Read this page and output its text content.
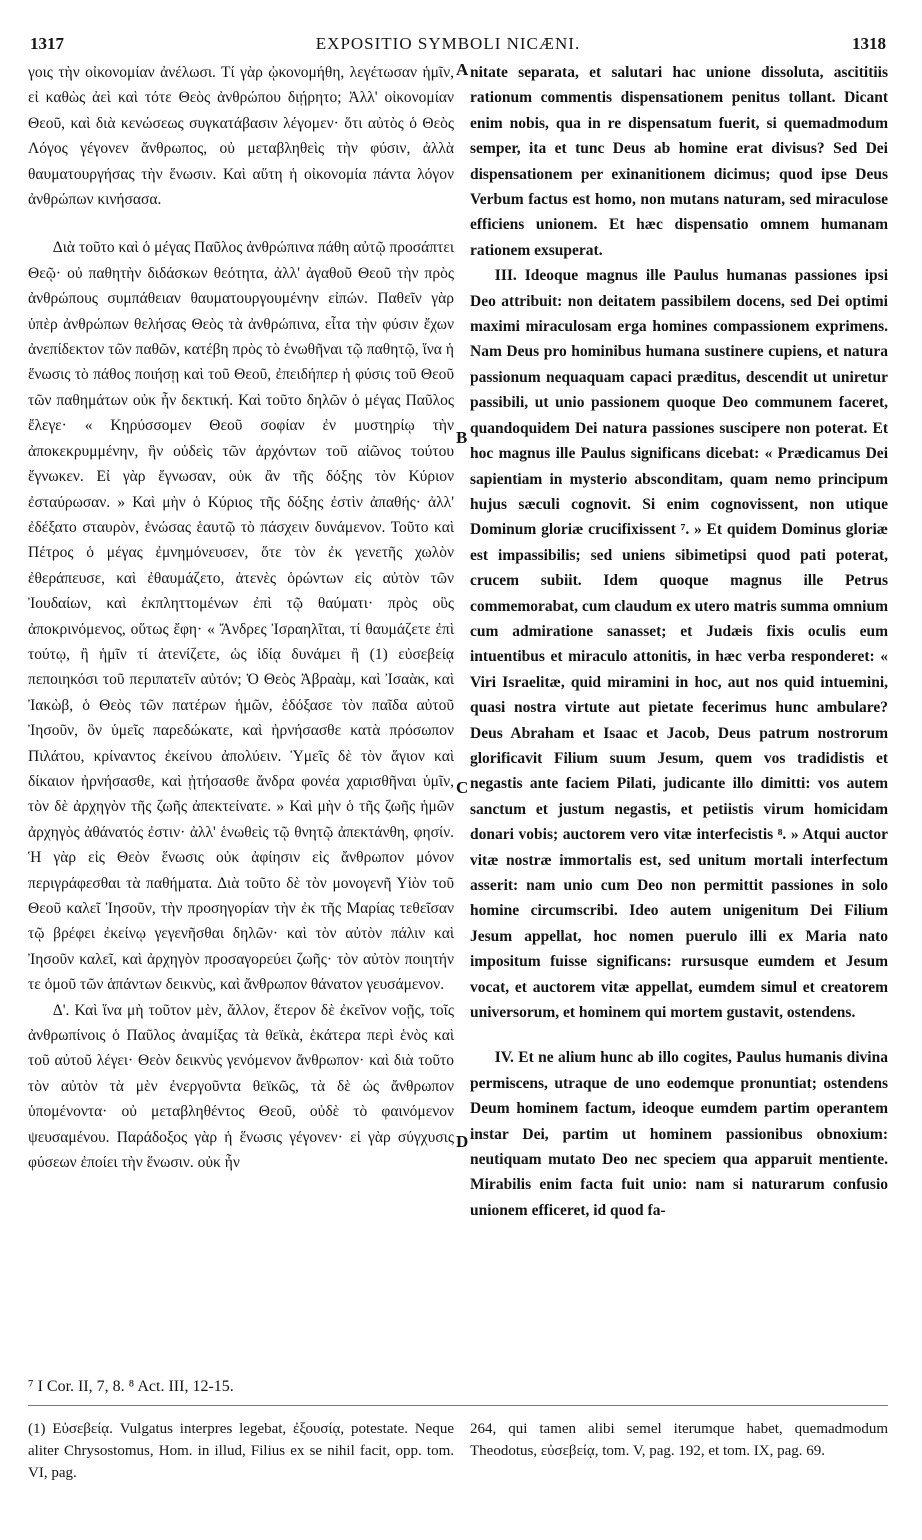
1317	EXPOSITIO SYMBOLI NICÆNI.	1318

γοις τὴν οἰκονομίαν ἀνέλωσι. Τί γὰρ ᾠκονομήθη, λεγέτωσαν ἡμῖν, εἰ καθὼς ἀεὶ καὶ τότε Θεὸς ἀνθρώπου διῄρητο; Ἀλλ' οἰκονομίαν Θεοῦ, καὶ διὰ κενώσεως συγκατάβασιν λέγομεν· ὅτι αὐτὸς ὁ Θεὸς Λόγος γέγονεν ἄνθρωπος, οὐ μεταβληθεὶς τὴν φύσιν, ἀλλὰ θαυματουργήσας τὴν ἕνωσιν. Καὶ αὕτη ἡ οἰκονομία πάντα λόγον ἀνθρώπων κινήσασα.

Διὰ τοῦτο καὶ ὁ μέγας Παῦλος ἀνθρώπινα πάθη αὐτῷ προσάπτει Θεῷ· οὐ παθητὴν διδάσκων θεότητα, ἀλλ' ἀγαθοῦ Θεοῦ τὴν πρὸς ἀνθρώπους συμπάθειαν θαυματουργουμένην εἰπών. Παθεῖν γὰρ ὑπὲρ ἀνθρώπων θελήσας Θεὸς τὰ ἀνθρώπινα, εἶτα τὴν φύσιν ἔχων ἀνεπίδεκτον τῶν παθῶν, κατέβη πρὸς τὸ ἑνωθῆναι τῷ παθητῷ, ἵνα ἡ ἕνωσις τὸ πάθος ποιήσῃ καὶ τοῦ Θεοῦ, ἐπειδήπερ ἡ φύσις τοῦ Θεοῦ τῶν παθημάτων οὐκ ἦν δεκτική. Καὶ τοῦτο δηλῶν ὁ μέγας Παῦλος ἔλεγε· « Κηρύσσομεν Θεοῦ σοφίαν ἐν μυστηρίῳ τὴν ἀποκεκρυμμένην, ἣν οὐδεὶς τῶν ἀρχόντων τοῦ αἰῶνος τούτου ἔγνωκεν. Εἰ γὰρ ἔγνωσαν, οὐκ ἂν τῆς δόξης τὸν Κύριον ἐσταύρωσαν. » Καὶ μὴν ὁ Κύριος τῆς δόξης ἐστὶν ἀπαθής· ἀλλ' ἐδέξατο σταυρὸν, ἑνώσας ἑαυτῷ τὸ πάσχειν δυνάμενον. Τοῦτο καὶ Πέτρος ὁ μέγας ἐμνημόνευσεν, ὅτε τὸν ἐκ γενετῆς χωλὸν ἐθεράπευσε, καὶ ἐθαυμάζετο, ἀτενὲς ὁρώντων εἰς αὐτὸν τῶν Ἰουδαίων, καὶ ἐκπληττομένων ἐπὶ τῷ θαύματι· πρὸς οὓς ἀποκρινόμενος, οὕτως ἔφη· « Ἄνδρες Ἰσραηλῖται, τί θαυμάζετε ἐπὶ τούτῳ, ἢ ἡμῖν τί ἀτενίζετε, ὡς ἰδίᾳ δυνάμει ἢ (1) εὐσεβείᾳ πεποιηκόσι τοῦ περιπατεῖν αὐτόν; Ὁ Θεὸς Ἀβραὰμ, καὶ Ἰσαὰκ, καὶ Ἰακὼβ, ὁ Θεὸς τῶν πατέρων ἡμῶν, ἐδόξασε τὸν παῖδα αὐτοῦ Ἰησοῦν, ὃν ὑμεῖς παρεδώκατε, καὶ ἠρνήσασθε κατὰ πρόσωπον Πιλάτου, κρίναντος ἐκείνου ἀπολύειν. Ὑμεῖς δὲ τὸν ἅγιον καὶ δίκαιον ἠρνήσασθε, καὶ ᾐτήσασθε ἄνδρα φονέα χαρισθῆναι ὑμῖν, τὸν δὲ ἀρχηγὸν τῆς ζωῆς ἀπεκτείνατε. » Καὶ μὴν ὁ τῆς ζωῆς ἡμῶν ἀρχηγὸς ἀθάνατός ἐστιν· ἀλλ' ἑνωθεὶς τῷ θνητῷ ἀπεκτάνθη, φησίν. Ἡ γὰρ εἰς Θεὸν ἕνωσις οὐκ ἀφίησιν εἰς ἄνθρωπον μόνον περιγράφεσθαι τὰ παθήματα. Διὰ τοῦτο δὲ τὸν μονογενῆ Υἱὸν τοῦ Θεοῦ καλεῖ Ἰησοῦν, τὴν προσηγορίαν τὴν ἐκ τῆς Μαρίας τεθεῖσαν τῷ βρέφει ἐκείνῳ γεγενῆσθαι δηλῶν· καὶ τὸν αὐτὸν πάλιν καὶ Ἰησοῦν καλεῖ, καὶ ἀρχηγὸν προσαγορεύει ζωῆς· τὸν αὐτὸν ποιητήν τε ὁμοῦ τῶν ἁπάντων δεικνὺς, καὶ ἄνθρωπον θάνατον γευσάμενον.

Δ'. Καὶ ἵνα μὴ τοῦτον μὲν, ἄλλον, ἕτερον δὲ ἐκεῖνον νοῇς, τοῖς ἀνθρωπίνοις ὁ Παῦλος ἀναμίξας τὰ θεϊκὰ, ἑκάτερα περὶ ἑνὸς καὶ τοῦ αὐτοῦ λέγει· Θεὸν δεικνὺς γενόμενον ἄνθρωπον· καὶ διὰ τοῦτο τὸν αὐτὸν τὰ μὲν ἐνεργοῦντα θεϊκῶς, τὰ δὲ ὡς ἄνθρωπον ὑπομένοντα· οὐ μεταβληθέντος Θεοῦ, οὐδὲ τὸ φαινόμενον ψευσαμένου. Παράδοξος γὰρ ἡ ἕνωσις γέγονεν· εἰ γὰρ σύγχυσις φύσεων ἐποίει τὴν ἕνωσιν. οὐκ ἦν

nitate separata, et salutari hac unione dissoluta, ascititiis rationum commentis dispensationem penitus tollant. Dicant enim nobis, qua in re dispensatum fuerit, si quemadmodum semper, ita et tunc Deus ab homine erat divisus? Sed Dei dispensationem per exinanitionem dicimus; quod ipse Deus Verbum factus est homo, non mutans naturam, sed miraculose efficiens unionem. Et hæc dispensatio omnem humanam rationem exsuperat.

III. Ideoque magnus ille Paulus humanas passiones ipsi Deo attribuit: non deitatem passibilem docens, sed Dei optimi maximi miraculosam erga homines compassionem exprimens. Nam Deus pro hominibus humana sustinere cupiens, et natura passionum nequaquam capaci præditus, descendit ut uniretur passibili, ut unio passionem quoque Deo communem faceret, quandoquidem Dei natura passiones suscipere non poterat. Et hoc magnus ille Paulus significans dicebat: « Prædicamus Dei sapientiam in mysterio absconditam, quam nemo principum hujus sæculi cognovit. Si enim cognovissent, non utique Dominum gloriæ crucifixissent ⁷. » Et quidem Dominus gloriæ est impassibilis; sed uniens sibimetipsi quod pati poterat, crucem subiit. Idem quoque magnus ille Petrus commemorabat, cum claudum ex utero matris summa omnium cum admiratione sanasset; et Judæis fixis oculis eum intuentibus et miraculo attonitis, in hæc verba responderet: « Viri Israelitæ, quid miramini in hoc, aut nos quid intuemini, quasi nostra virtute aut pietate fecerimus hunc ambulare? Deus Abraham et Isaac et Jacob, Deus patrum nostrorum glorificavit Filium suum Jesum, quem vos tradidistis et negastis ante faciem Pilati, judicante illo dimitti: vos autem sanctum et justum negastis, et petiistis virum homicidam donari vobis; auctorem vero vitæ interfecistis ⁸. » Atqui auctor vitæ nostræ immortalis est, sed unitum mortali interfectum asserit: nam unio cum Deo non permittit passiones in solo homine circumscribi. Ideo autem unigenitum Dei Filium Jesum appellat, hoc nomen puerulo illi ex Maria nato impositum fuisse significans: rursusque eumdem et Jesum vocat, et auctorem vitæ appellat, eumdem simul et creatorem universorum, et hominem qui mortem gustavit, ostendens.

IV. Et ne alium hunc ab illo cogites, Paulus humanis divina permiscens, utraque de uno eodemque pronuntiat; ostendens Deum hominem factum, ideoque eumdem partim operantem instar Dei, partim ut hominem passionibus obnoxium: neutiquam mutato Deo nec speciem qua apparuit mentiente. Mirabilis enim facta fuit unio: nam si naturarum confusio unionem efficeret, id quod fa-

A
B
C
D
⁷ I Cor. II, 7, 8. ⁸ Act. III, 12-15.

(1) Εὐσεβείᾳ. Vulgatus interpres legebat, ἐξουσίᾳ, potestate. Neque aliter Chrysostomus, Hom. in illud, Filius ex se nihil facit, opp. tom. VI, pag.

264, qui tamen alibi semel iterumque habet, quemadmodum Theodotus, εὐσεβείᾳ, tom. V, pag. 192, et tom. IX, pag. 69.
